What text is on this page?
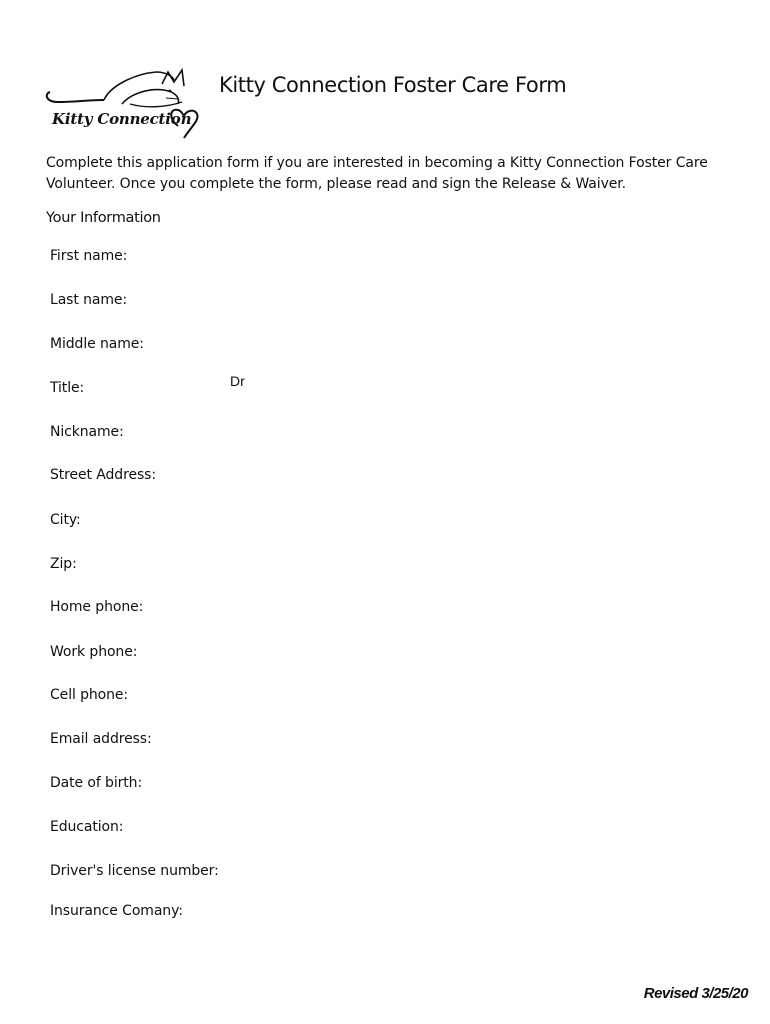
Kitty Connection
Kitty Connection Foster Care Form

Complete this application form if you are interested in becoming a Kitty Connection Foster Care Volunteer. Once you complete the form, please read and sign the Release & Waiver.

Your Information
First name:
Last name:
Middle name:
Title:	Dr
Nickname:
Street Address:
City:
Zip:
Home phone:
Work phone:
Cell phone:
Email address:
Date of birth:
Education:
Driver's license number:
Insurance Comany:
Revised 3/25/20
